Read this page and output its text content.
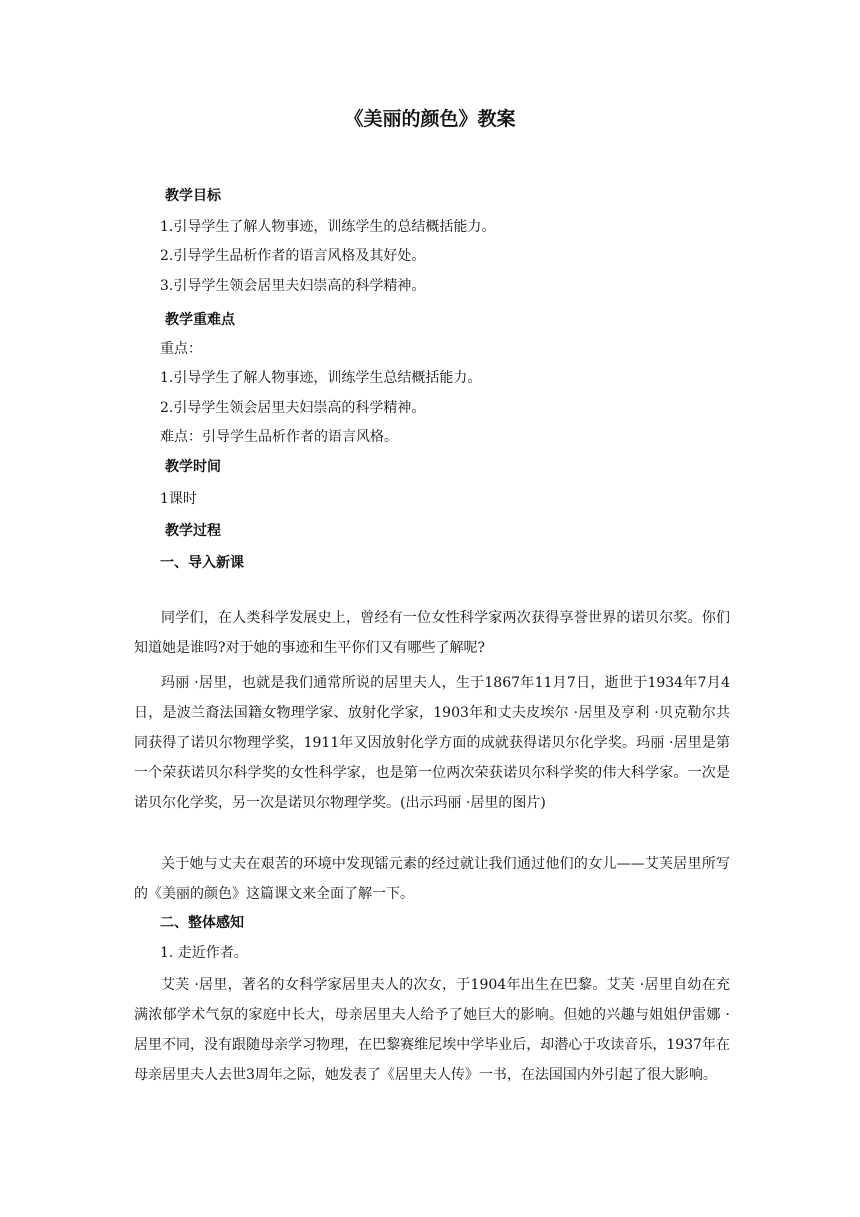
《美丽的颜色》教案
教学目标
1.引导学生了解人物事迹，训练学生的总结概括能力。
2.引导学生品析作者的语言风格及其好处。
3.引导学生领会居里夫妇崇高的科学精神。
教学重难点
重点：
1.引导学生了解人物事迹，训练学生总结概括能力。
2.引导学生领会居里夫妇崇高的科学精神。
难点：引导学生品析作者的语言风格。
教学时间
1课时
教学过程
一、导入新课
同学们，在人类科学发展史上，曾经有一位女性科学家两次获得享誉世界的诺贝尔奖。你们知道她是谁吗?对于她的事迹和生平你们又有哪些了解呢?
玛丽 ·居里，也就是我们通常所说的居里夫人，生于1867年11月7日，逝世于1934年7月4日，是波兰裔法国籍女物理学家、放射化学家，1903年和丈夫皮埃尔 ·居里及亨利 ·贝克勒尔共同获得了诺贝尔物理学奖，1911年又因放射化学方面的成就获得诺贝尔化学奖。玛丽 ·居里是第一个荣获诺贝尔科学奖的女性科学家，也是第一位两次荣获诺贝尔科学奖的伟大科学家。一次是诺贝尔化学奖，另一次是诺贝尔物理学奖。(出示玛丽 ·居里的图片)
关于她与丈夫在艰苦的环境中发现镭元素的经过就让我们通过他们的女儿——艾芙居里所写的《美丽的颜色》这篇课文来全面了解一下。
二、整体感知
1. 走近作者。
艾芙 ·居里，著名的女科学家居里夫人的次女，于1904年出生在巴黎。艾芙 ·居里自幼在充满浓郁学术气氛的家庭中长大，母亲居里夫人给予了她巨大的影响。但她的兴趣与姐姐伊雷娜 ·居里不同，没有跟随母亲学习物理，在巴黎赛维尼埃中学毕业后，却潜心于攻读音乐，1937年在母亲居里夫人去世3周年之际，她发表了《居里夫人传》一书，在法国国内外引起了很大影响。
